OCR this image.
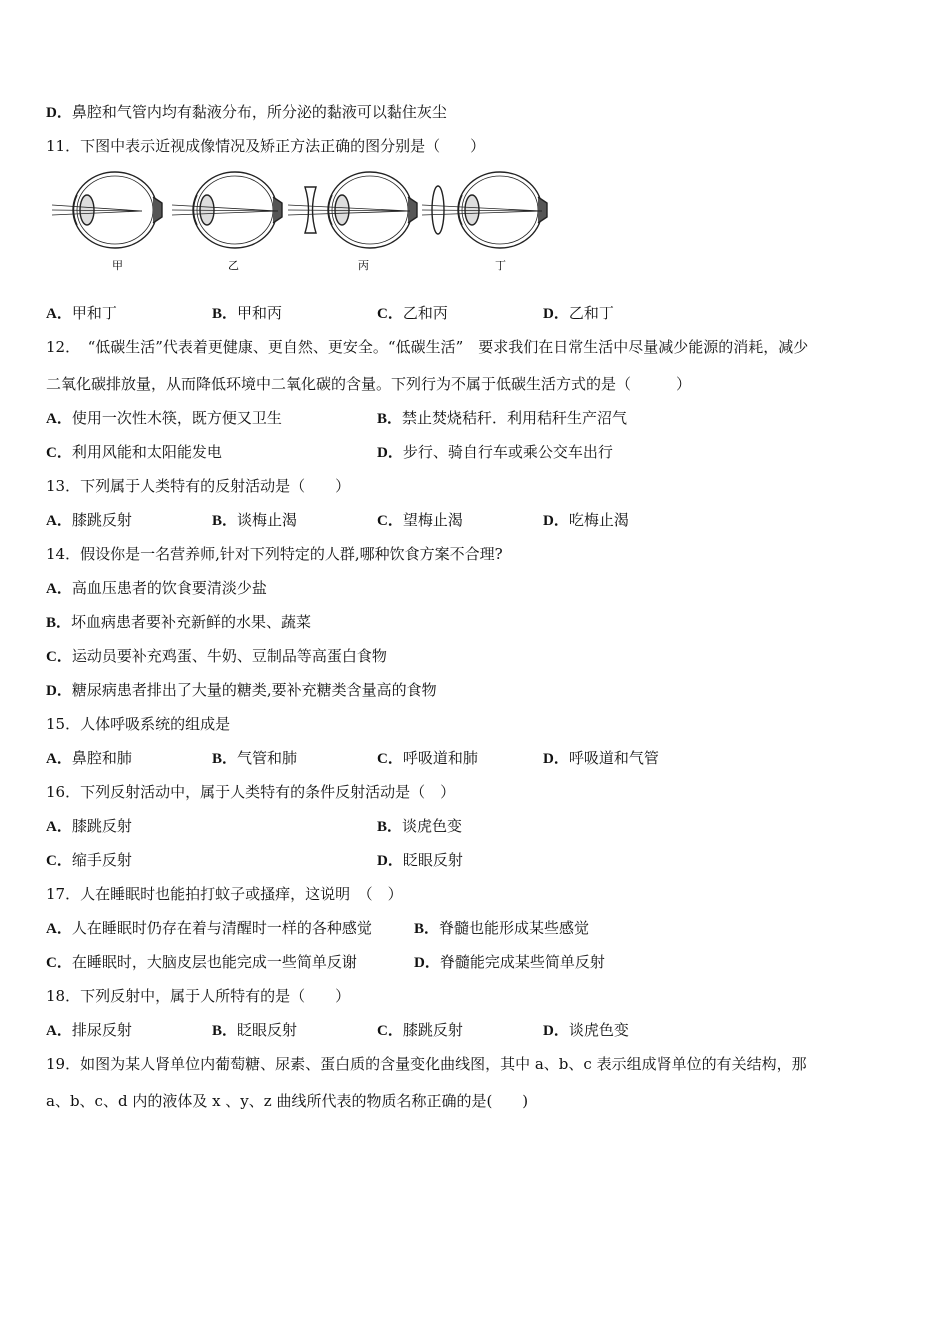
D．鼻腔和气管内均有黏液分布，所分泌的黏液可以黏住灰尘
11．下图中表示近视成像情况及矫正方法正确的图分别是（　　）
甲	乙	丙	丁
A．甲和丁	B．甲和丙	C．乙和丙	D．乙和丁
12．　“低碳生活”代表着更健康、更自然、更安全。“低碳生活”　要求我们在日常生活中尽量减少能源的消耗，减少
二氧化碳排放量，从而降低环境中二氧化碳的含量。下列行为不属于低碳生活方式的是（　　　）
A．使用一次性木筷，既方便又卫生	B．禁止焚烧秸秆．利用秸秆生产沼气
C．利用风能和太阳能发电	D．步行、骑自行车或乘公交车出行
13．下列属于人类特有的反射活动是（　　）
A．膝跳反射	B．谈梅止渴	C．望梅止渴	D．吃梅止渴
14．假设你是一名营养师,针对下列特定的人群,哪种饮食方案不合理?
A．高血压患者的饮食要清淡少盐
B．坏血病患者要补充新鲜的水果、蔬菜
C．运动员要补充鸡蛋、牛奶、豆制品等高蛋白食物
D．糖尿病患者排出了大量的糖类,要补充糖类含量高的食物
15．人体呼吸系统的组成是
A．鼻腔和肺	B．气管和肺	C．呼吸道和肺	D．呼吸道和气管
16．下列反射活动中，属于人类特有的条件反射活动是（　）
A．膝跳反射	B．谈虎色变
C．缩手反射	D．眨眼反射
17．人在睡眠时也能拍打蚊子或搔痒，这说明　（　）
A．人在睡眠时仍存在着与清醒时一样的各种感觉	B．脊髓也能形成某些感觉
C．在睡眠时，大脑皮层也能完成一些简单反谢	D．脊髓能完成某些简单反射
18．下列反射中，属于人所特有的是（　　）
A．排尿反射	B．眨眼反射	C．膝跳反射	D．谈虎色变
19．如图为某人肾单位内葡萄糖、尿素、蛋白质的含量变化曲线图，其中 a、b、c 表示组成肾单位的有关结构，那
a、b、c、d 内的液体及 x 、y、z 曲线所代表的物质名称正确的是(　　)
